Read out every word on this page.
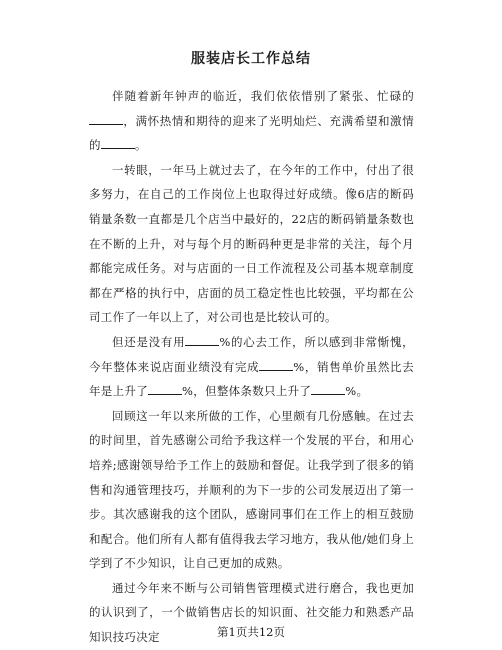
服装店长工作总结

伴随着新年钟声的临近，我们依依惜别了紧张、忙碌的，满怀热情和期待的迎来了光明灿烂、充满希望和激情的	。

一转眼，一年马上就过去了，在今年的工作中，付出了很多努力，在自己的工作岗位上也取得过好成绩。像6店的断码销量条数一直都是几个店当中最好的，22店的断码销量条数也在不断的上升，对与每个月的断码种更是非常的关注，每个月都能完成任务。对与店面的一日工作流程及公司基本规章制度都在严格的执行中，店面的员工稳定性也比较强，平均都在公司工作了一年以上了，对公司也是比较认可的。

但还是没有用	%的心去工作，所以感到非常惭愧，今年整体来说店面业绩没有完成	%，销售单价虽然比去年是上升了	%，但整体条数只上升了	%。

回顾这一年以来所做的工作，心里颇有几份感触。在过去的时间里，首先感谢公司给予我这样一个发展的平台，和用心培养;感谢领导给予工作上的鼓励和督促。让我学到了很多的销售和沟通管理技巧，并顺利的为下一步的公司发展迈出了第一步。其次感谢我的这个团队，感谢同事们在工作上的相互鼓励和配合。他们所有人都有值得我去学习地方，我从他/她们身上学到了不少知识，让自己更加的成熟。

通过今年来不断与公司销售管理模式进行磨合，我也更加的认识到了，一个做销售店长的知识面、社交能力和熟悉产品知识技巧决定	第1页共12页
